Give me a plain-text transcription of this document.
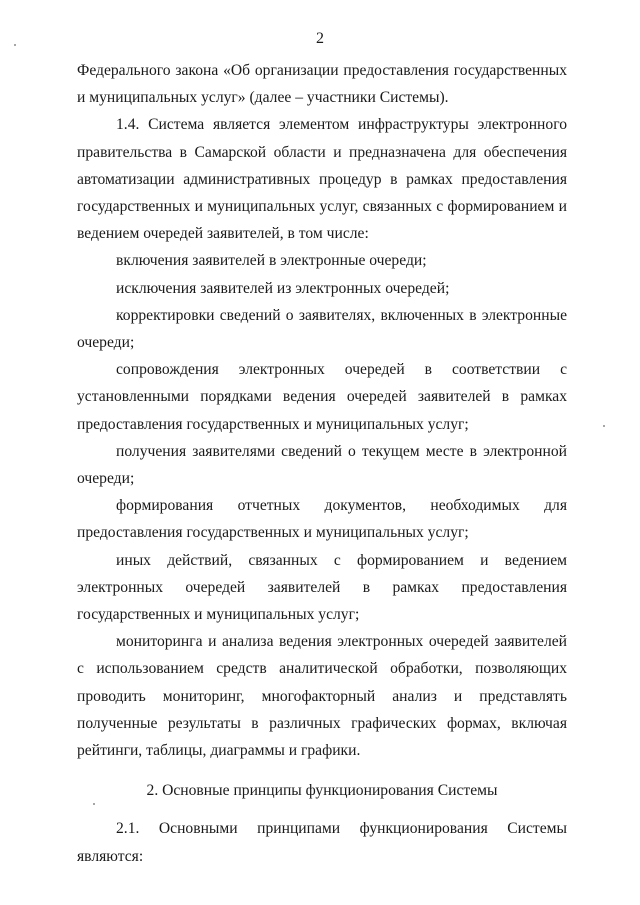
2

Федерального закона «Об организации предоставления государственных и муниципальных услуг» (далее – участники Системы).

1.4. Система является элементом инфраструктуры электронного правительства в Самарской области и предназначена для обеспечения автоматизации административных процедур в рамках предоставления государственных и муниципальных услуг, связанных с формированием и ведением очередей заявителей, в том числе:

включения заявителей в электронные очереди;

исключения заявителей из электронных очередей;

корректировки сведений о заявителях, включенных в электронные очереди;

сопровождения электронных очередей в соответствии с установленными порядками ведения очередей заявителей в рамках предоставления государственных и муниципальных услуг;

получения заявителями сведений о текущем месте в электронной очереди;

формирования отчетных документов, необходимых для предоставления государственных и муниципальных услуг;

иных действий, связанных с формированием и ведением электронных очередей заявителей в рамках предоставления государственных и муниципальных услуг;

мониторинга и анализа ведения электронных очередей заявителей с использованием средств аналитической обработки, позволяющих проводить мониторинг, многофакторный анализ и представлять полученные результаты в различных графических формах, включая рейтинги, таблицы, диаграммы и графики.

2. Основные принципы функционирования Системы

2.1. Основными принципами функционирования Системы являются:
